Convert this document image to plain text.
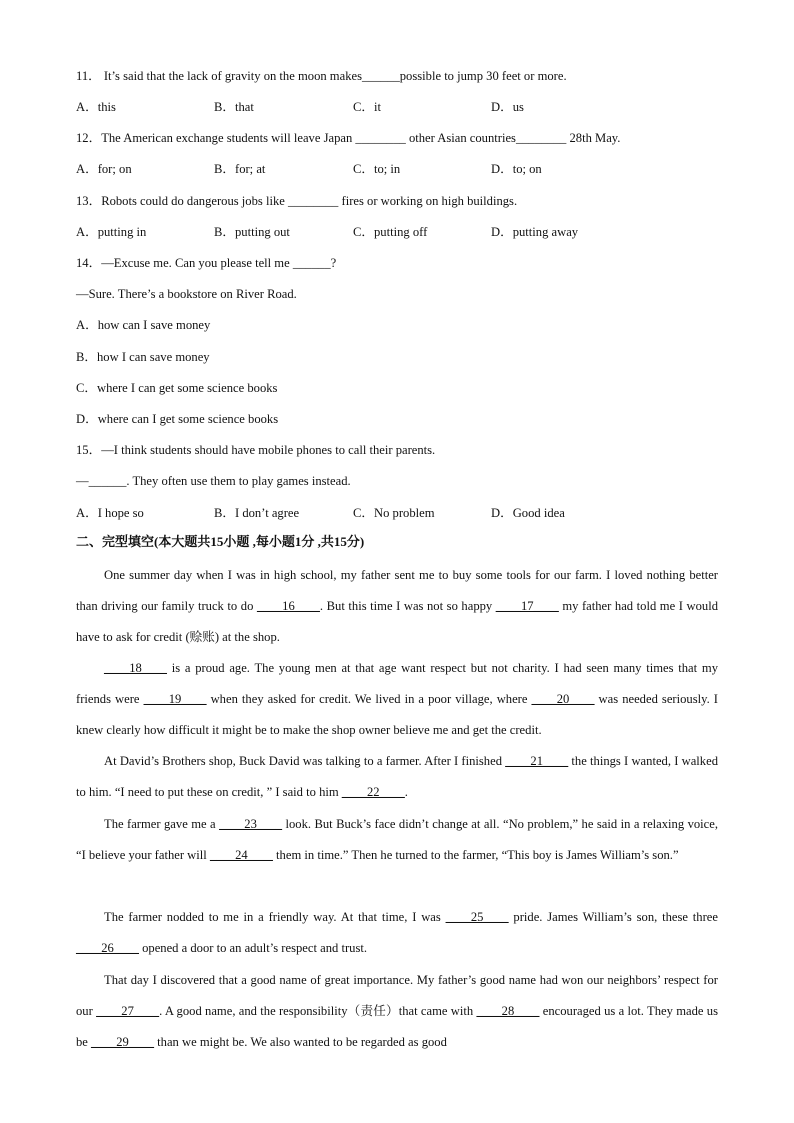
11． It’s said that the lack of gravity on the moon makes______possible to jump 30 feet or more.
A．this	B．that	C．it	D．us
12．The American exchange students will leave Japan ________ other Asian countries________ 28th May.
A．for; on	B．for; at	C．to; in	D．to; on
13．Robots could do dangerous jobs like ________ fires or working on high buildings.
A．putting in	B．putting out	C．putting off	D．putting away
14．—Excuse me. Can you please tell me ______?
—Sure. There’s a bookstore on River Road.
A．how can I save money
B．how I can save money
C．where I can get some science books
D．where can I get some science books
15．—I think students should have mobile phones to call their parents.
—______. They often use them to play games instead.
A．I hope so	B．I don’t agree	C．No problem	D．Good idea
二、完型填空(本大题共15小题 ,每小题1分 ,共15分)

One summer day when I was in high school, my father sent me to buy some tools for our farm. I loved nothing better than driving our family truck to do ____16____. But this time I was not so happy ____17____ my father had told me I would have to ask for credit (赊账) at the shop.

____18____ is a proud age. The young men at that age want respect but not charity. I had seen many times that my friends were ____19____ when they asked for credit. We lived in a poor village, where ____20____ was needed seriously. I knew clearly how difficult it might be to make the shop owner believe me and get the credit.

At David’s Brothers shop, Buck David was talking to a farmer. After I finished ____21____ the things I wanted, I walked to him. “I need to put these on credit, ” I said to him ____22____.

The farmer gave me a ____23____ look. But Buck’s face didn’t change at all. “No problem,” he said in a relaxing voice, “I believe your father will ____24____ them in time.” Then he turned to the farmer, “This boy is James William’s son.”

The farmer nodded to me in a friendly way. At that time, I was ____25____ pride. James William’s son, these three ____26____ opened a door to an adult’s respect and trust.

That day I discovered that a good name of great importance. My father’s good name had won our neighbors’ respect for our ____27____. A good name, and the responsibility（责任）that came with ____28____ encouraged us a lot. They made us be ____29____ than we might be. We also wanted to be regarded as good
